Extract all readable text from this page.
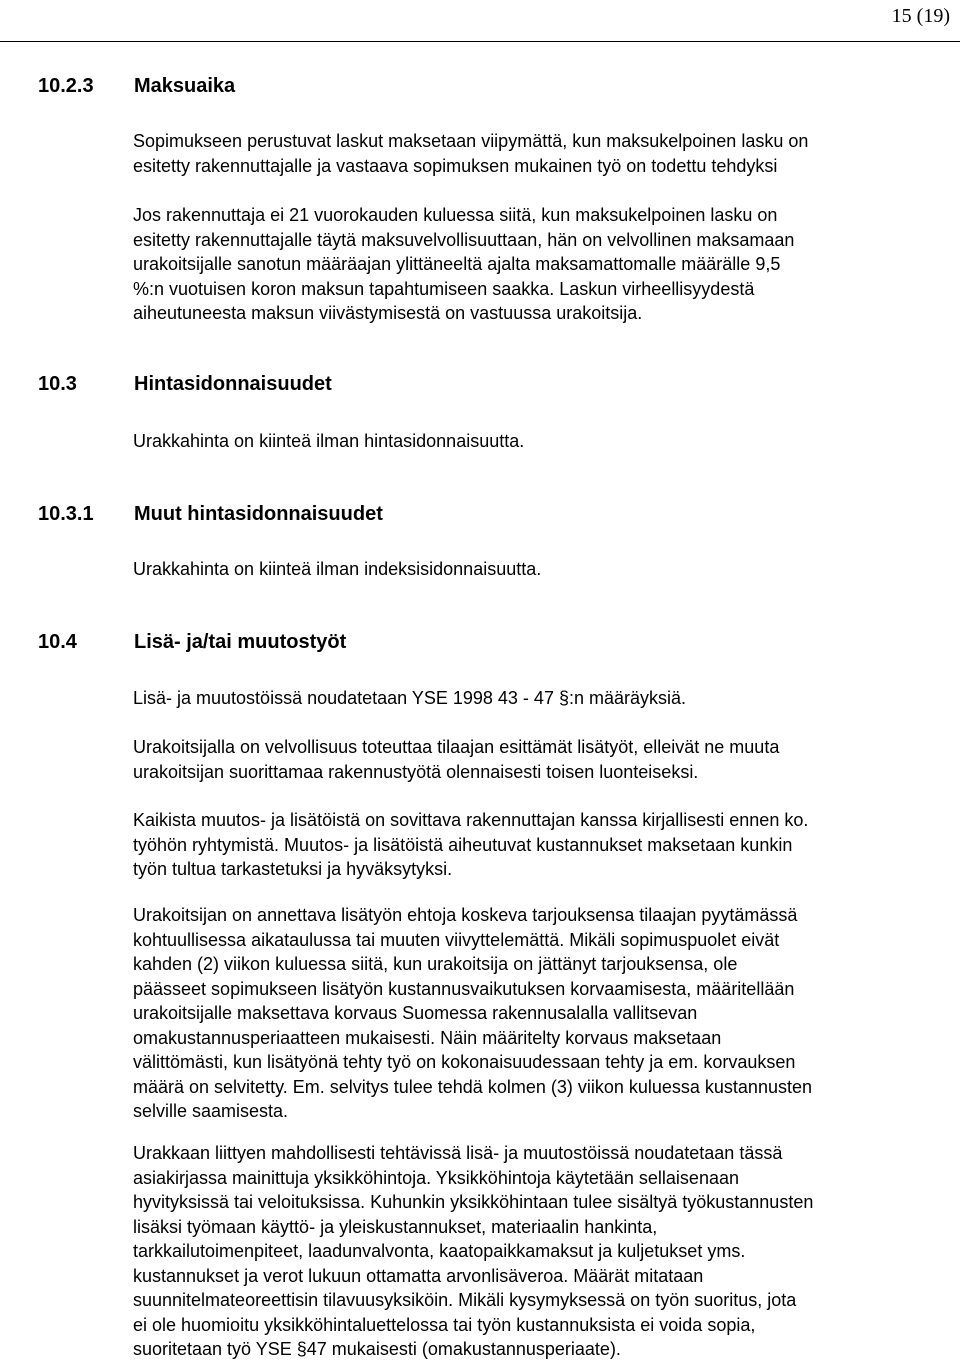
15 (19)
10.2.3 Maksuaika
Sopimukseen perustuvat laskut maksetaan viipymättä, kun maksukelpoinen lasku on
esitetty rakennuttajalle ja vastaava sopimuksen mukainen työ on todettu tehdyksi
Jos rakennuttaja ei 21 vuorokauden kuluessa siitä, kun maksukelpoinen lasku on
esitetty rakennuttajalle täytä maksuvelvollisuuttaan, hän on velvollinen maksamaan
urakoitsijalle sanotun määräajan ylittäneeltä ajalta maksamattomalle määrälle 9,5
%:n vuotuisen koron maksun tapahtumiseen saakka. Laskun virheellisyydestä
aiheutuneesta maksun viivästymisestä on vastuussa urakoitsija.
10.3	Hintasidonnaisuudet
Urakkahinta on kiinteä ilman hintasidonnaisuutta.
10.3.1 Muut hintasidonnaisuudet
Urakkahinta on kiinteä ilman indeksisidonnaisuutta.
10.4	Lisä- ja/tai muutostyöt
Lisä- ja muutostöissä noudatetaan YSE 1998 43 - 47 §:n määräyksiä.
Urakoitsijalla on velvollisuus toteuttaa tilaajan esittämät lisätyöt, elleivät ne muuta
urakoitsijan suorittamaa rakennustyötä olennaisesti toisen luonteiseksi.
Kaikista muutos- ja lisätöistä on sovittava rakennuttajan kanssa kirjallisesti ennen ko.
työhön ryhtymistä. Muutos- ja lisätöistä aiheutuvat kustannukset maksetaan kunkin
työn tultua tarkastetuksi ja hyväksytyksi.
Urakoitsijan on annettava lisätyön ehtoja koskeva tarjouksensa tilaajan pyytämässä
kohtuullisessa aikataulussa tai muuten viivyttelemättä. Mikäli sopimuspuolet eivät
kahden (2) viikon kuluessa siitä, kun urakoitsija on jättänyt tarjouksensa, ole
päässeet sopimukseen lisätyön kustannusvaikutuksen korvaamisesta, määritellään
urakoitsijalle maksettava korvaus Suomessa rakennusalalla vallitsevan
omakustannusperiaatteen mukaisesti. Näin määritelty korvaus maksetaan
välittömästi, kun lisätyönä tehty työ on kokonaisuudessaan tehty ja em. korvauksen
määrä on selvitetty. Em. selvitys tulee tehdä kolmen (3) viikon kuluessa kustannusten
selville saamisesta.
Urakkaan liittyen mahdollisesti tehtävissä lisä- ja muutostöissä noudatetaan tässä
asiakirjassa mainittuja yksikköhintoja. Yksikköhintoja käytetään sellaisenaan
hyvityksissä tai veloituksissa. Kuhunkin yksikköhintaan tulee sisältyä työkustannusten
lisäksi työmaan käyttö- ja yleiskustannukset, materiaalin hankinta,
tarkkailutoimenpiteet, laadunvalvonta, kaatopaikkamaksut ja kuljetukset yms.
kustannukset ja verot lukuun ottamatta arvonlisäveroa. Määrät mitataan
suunnitelmateoreettisin tilavuusyksiköin. Mikäli kysymyksessä on työn suoritus, jota
ei ole huomioitu yksikköhintaluettelossa tai työn kustannuksista ei voida sopia,
suoritetaan työ YSE §47 mukaisesti (omakustannusperiaate).
